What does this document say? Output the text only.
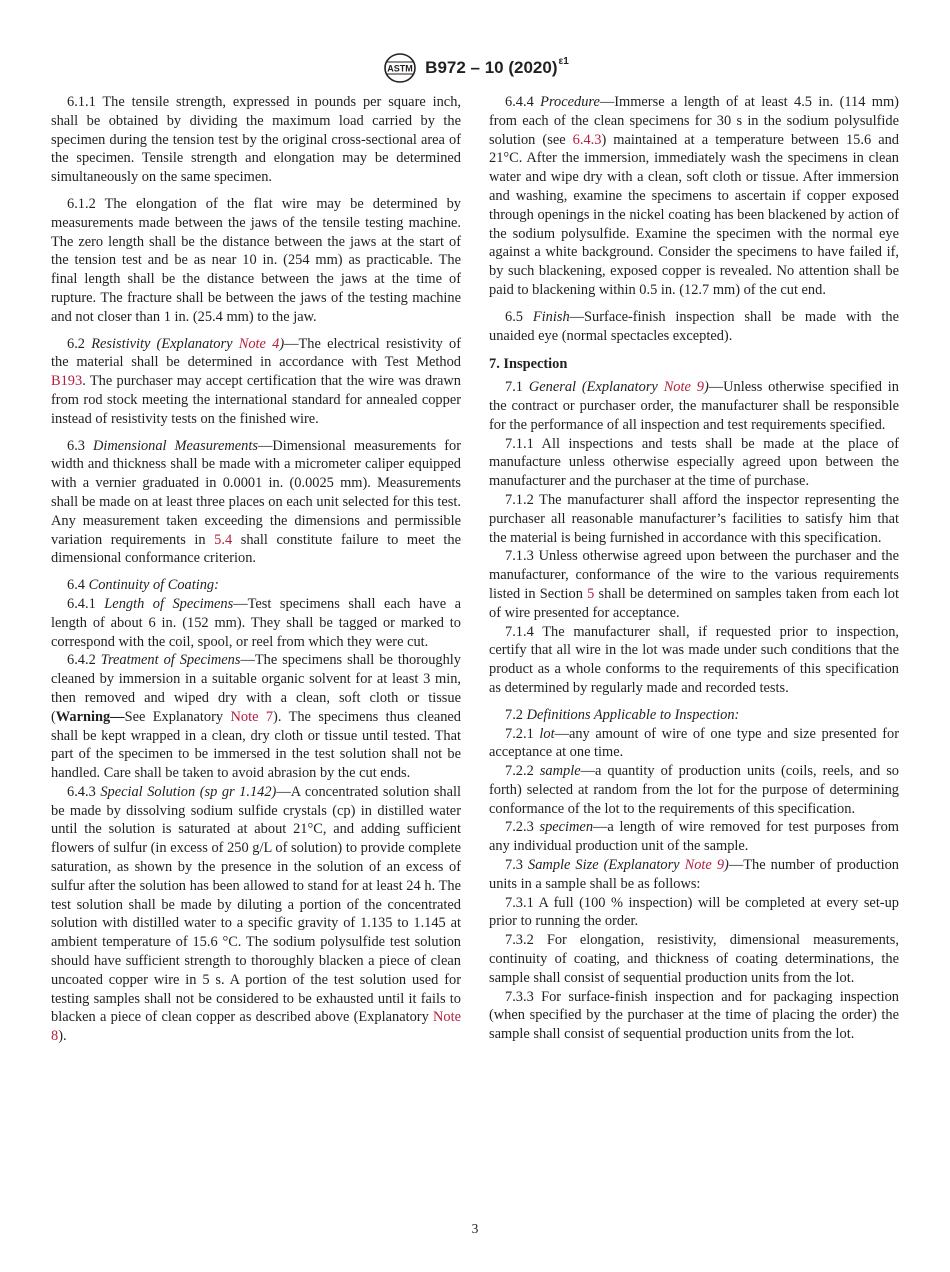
ASTM B972 – 10 $(2020)^{\varepsilon 1}$

6.1.1 The tensile strength, expressed in pounds per square inch, shall be obtained by dividing the maximum load carried by the specimen during the tension test by the original cross-sectional area of the specimen. Tensile strength and elongation may be determined simultaneously on the same specimen.

6.1.2 The elongation of the flat wire may be determined by measurements made between the jaws of the tensile testing machine. The zero length shall be the distance between the jaws at the start of the tension test and be as near 10 in. (254 mm) as practicable. The final length shall be the distance between the jaws at the time of rupture. The fracture shall be between the jaws of the testing machine and not closer than 1 in. (25.4 mm) to the jaw.

6.2 Resistivity (Explanatory Note 4)—The electrical resistivity of the material shall be determined in accordance with Test Method B193. The purchaser may accept certification that the wire was drawn from rod stock meeting the international standard for annealed copper instead of resistivity tests on the finished wire.

6.3 Dimensional Measurements—Dimensional measurements for width and thickness shall be made with a micrometer caliper equipped with a vernier graduated in 0.0001 in. (0.0025 mm). Measurements shall be made on at least three places on each unit selected for this test. Any measurement taken exceeding the dimensions and permissible variation requirements in 5.4 shall constitute failure to meet the dimensional conformance criterion.

6.4 Continuity of Coating:

6.4.1 Length of Specimens—Test specimens shall each have a length of about 6 in. (152 mm). They shall be tagged or marked to correspond with the coil, spool, or reel from which they were cut.

6.4.2 Treatment of Specimens—The specimens shall be thoroughly cleaned by immersion in a suitable organic solvent for at least 3 min, then removed and wiped dry with a clean, soft cloth or tissue (Warning—See Explanatory Note 7). The specimens thus cleaned shall be kept wrapped in a clean, dry cloth or tissue until tested. That part of the specimen to be immersed in the test solution shall not be handled. Care shall be taken to avoid abrasion by the cut ends.

6.4.3 Special Solution (sp gr 1.142)—A concentrated solution shall be made by dissolving sodium sulfide crystals (cp) in distilled water until the solution is saturated at about 21°C, and adding sufficient flowers of sulfur (in excess of 250 g/L of solution) to provide complete saturation, as shown by the presence in the solution of an excess of sulfur after the solution has been allowed to stand for at least 24 h. The test solution shall be made by diluting a portion of the concentrated solution with distilled water to a specific gravity of 1.135 to 1.145 at ambient temperature of 15.6 °C. The sodium polysulfide test solution should have sufficient strength to thoroughly blacken a piece of clean uncoated copper wire in 5 s. A portion of the test solution used for testing samples shall not be considered to be exhausted until it fails to blacken a piece of clean copper as described above (Explanatory Note 8).

6.4.4 Procedure—Immerse a length of at least 4.5 in. (114 mm) from each of the clean specimens for 30 s in the sodium polysulfide solution (see 6.4.3) maintained at a temperature between 15.6 and 21°C. After the immersion, immediately wash the specimens in clean water and wipe dry with a clean, soft cloth or tissue. After immersion and washing, examine the specimens to ascertain if copper exposed through openings in the nickel coating has been blackened by action of the sodium polysulfide. Examine the specimen with the normal eye against a white background. Consider the specimens to have failed if, by such blackening, exposed copper is revealed. No attention shall be paid to blackening within 0.5 in. (12.7 mm) of the cut end.

6.5 Finish—Surface-finish inspection shall be made with the unaided eye (normal spectacles excepted).

7. Inspection

7.1 General (Explanatory Note 9)—Unless otherwise specified in the contract or purchaser order, the manufacturer shall be responsible for the performance of all inspection and test requirements specified.

7.1.1 All inspections and tests shall be made at the place of manufacture unless otherwise especially agreed upon between the manufacturer and the purchaser at the time of purchase.

7.1.2 The manufacturer shall afford the inspector representing the purchaser all reasonable manufacturer’s facilities to satisfy him that the material is being furnished in accordance with this specification.

7.1.3 Unless otherwise agreed upon between the purchaser and the manufacturer, conformance of the wire to the various requirements listed in Section 5 shall be determined on samples taken from each lot of wire presented for acceptance.

7.1.4 The manufacturer shall, if requested prior to inspection, certify that all wire in the lot was made under such conditions that the product as a whole conforms to the requirements of this specification as determined by regularly made and recorded tests.

7.2 Definitions Applicable to Inspection:

7.2.1 lot—any amount of wire of one type and size presented for acceptance at one time.

7.2.2 sample—a quantity of production units (coils, reels, and so forth) selected at random from the lot for the purpose of determining conformance of the lot to the requirements of this specification.

7.2.3 specimen—a length of wire removed for test purposes from any individual production unit of the sample.

7.3 Sample Size (Explanatory Note 9)—The number of production units in a sample shall be as follows:

7.3.1 A full (100 % inspection) will be completed at every set-up prior to running the order.

7.3.2 For elongation, resistivity, dimensional measurements, continuity of coating, and thickness of coating determinations, the sample shall consist of sequential production units from the lot.

7.3.3 For surface-finish inspection and for packaging inspection (when specified by the purchaser at the time of placing the order) the sample shall consist of sequential production units from the lot.

3
